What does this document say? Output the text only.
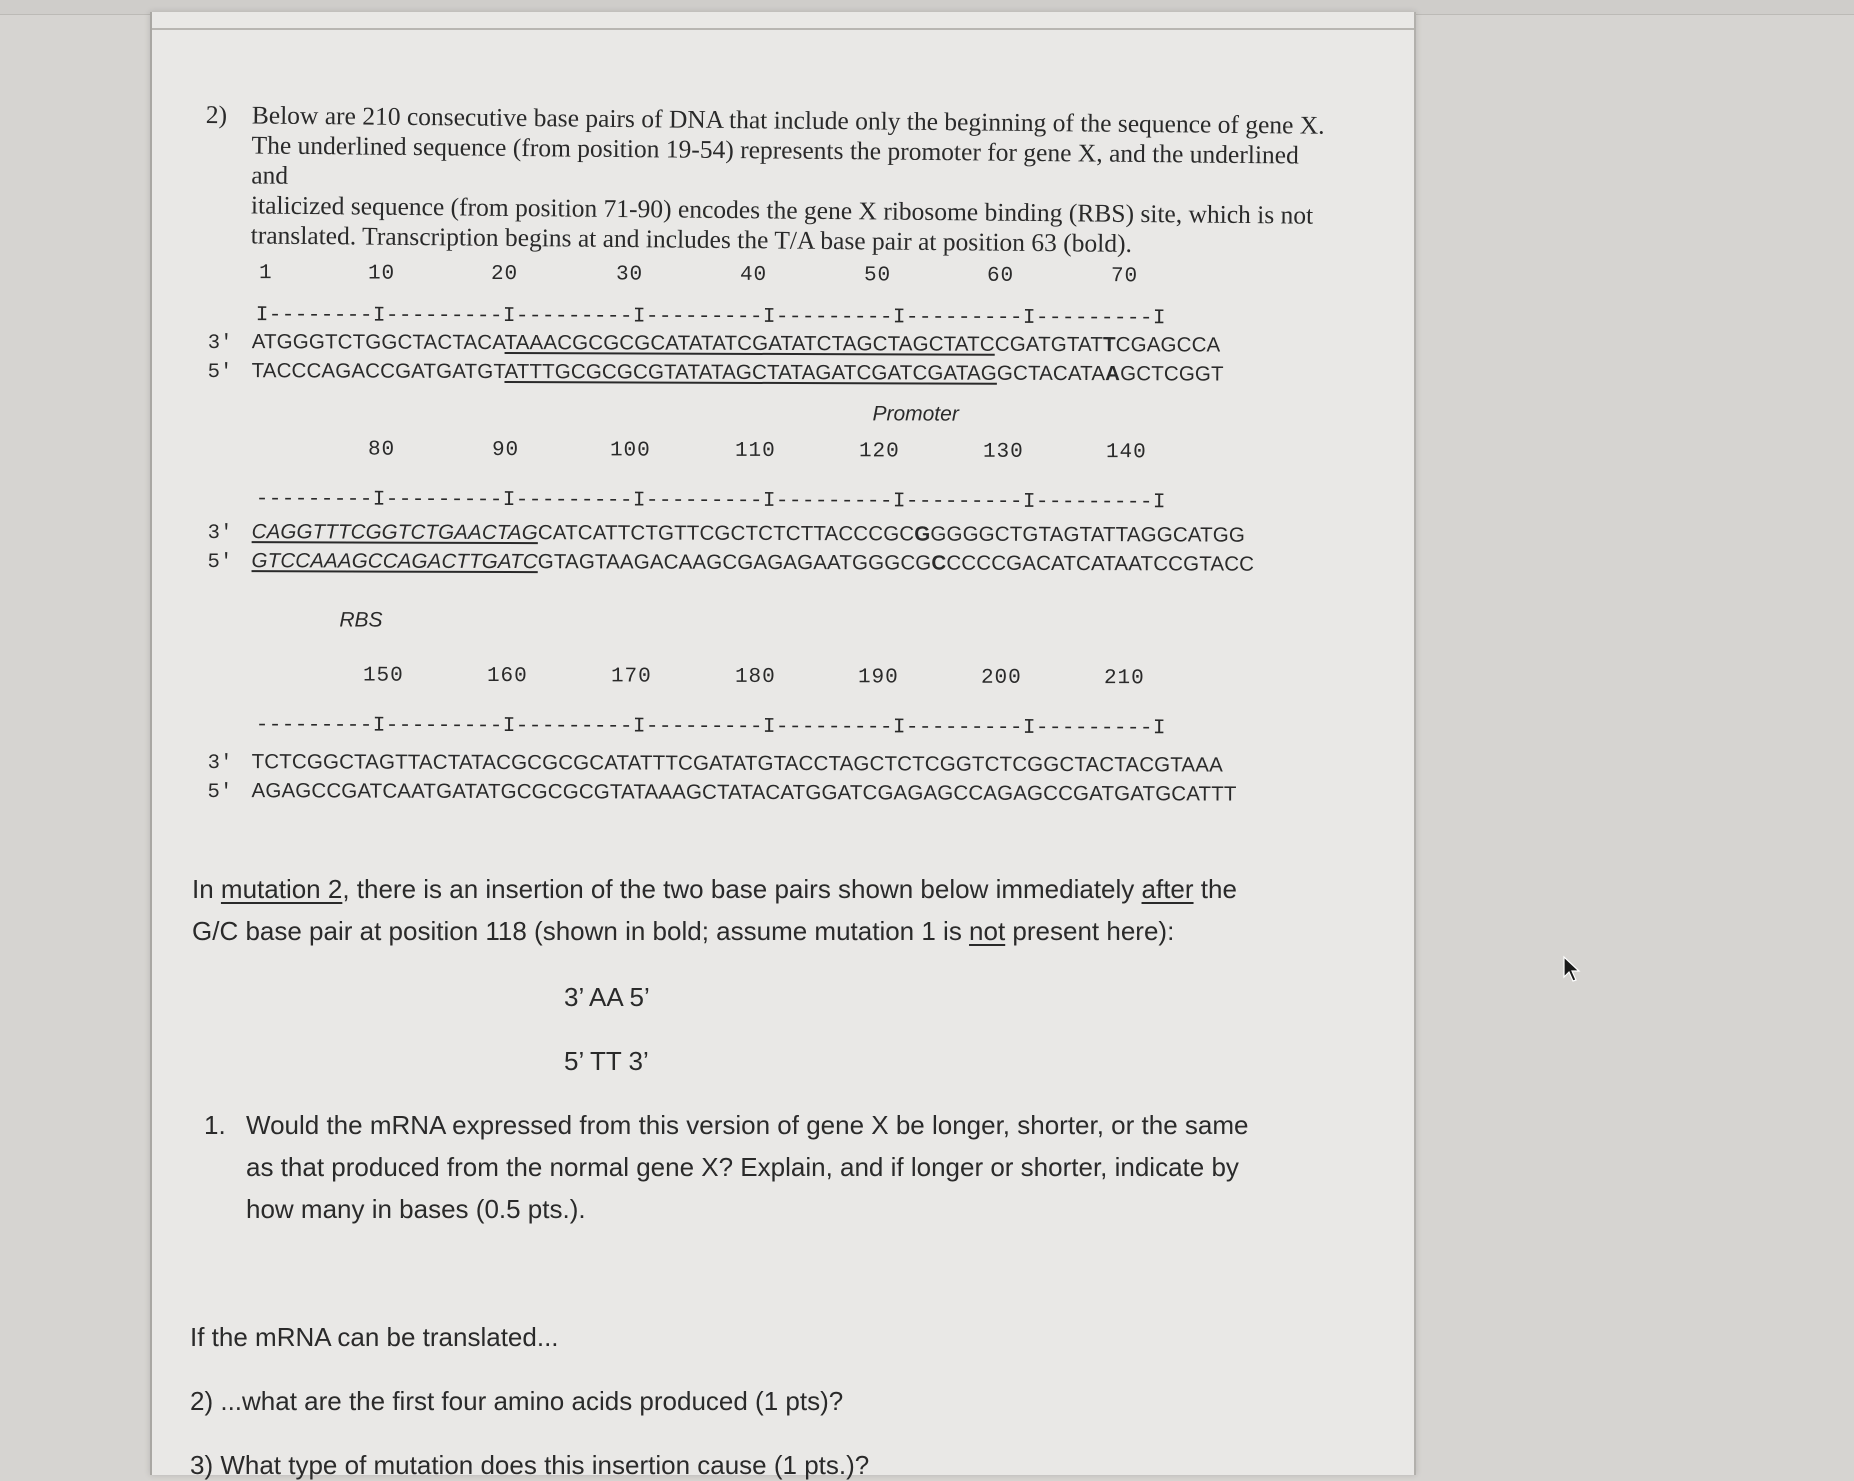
2) Below are 210 consecutive base pairs of DNA that include only the beginning of the sequence of gene X.
The underlined sequence (from position 19-54) represents the promoter for gene X, and the underlined and
italicized sequence (from position 71-90) encodes the gene X ribosome binding (RBS) site, which is not
translated. Transcription begins at and includes the T/A base pair at position 63 (bold).
1	10	20	30	40	50	60	70
I--------I---------I---------I---------I---------I---------I---------I
3' ATGGGTCTGGCTACTACATAAACGCGCGCATATATCGATATCTAGCTAGCTATCCGATGTATTCGAGCCA
5' TACCCAGACCGATGATGTATTTGCGCGCGTATATAGCTATAGATCGATCGATAGGCTACATAAGCTCGGT
Promoter
80	90	100	110	120	130	140
---------I---------I---------I---------I---------I---------I---------I
3' CAGGTTTCGGTCTGAACTAGCATCATTCTGTTCGCTCTCTTACCCGCGGGGGCTGTAGTATTAGGCATGG
5' GTCCAAAGCCAGACTTGATCGTAGTAAGACAAGCGAGAGAATGGGCGCCCCCGACATCATAATCCGTACC
RBS
150	160	170	180	190	200	210
---------I---------I---------I---------I---------I---------I---------I
3' TCTCGGCTAGTTACTATACGCGCGCATATTTCGATATGTACCTAGCTCTCGGTCTCGGCTACTACGTAAA
5' AGAGCCGATCAATGATATGCGCGCGTATAAAGCTATACATGGATCGAGAGCCAGAGCCGATGATGCATTT
In mutation 2, there is an insertion of the two base pairs shown below immediately after the
G/C base pair at position 118 (shown in bold; assume mutation 1 is not present here):
3’ AA 5’
5’ TT 3’
1. Would the mRNA expressed from this version of gene X be longer, shorter, or the same
as that produced from the normal gene X? Explain, and if longer or shorter, indicate by
how many in bases (0.5 pts.).
If the mRNA can be translated...
2) ...what are the first four amino acids produced (1 pts)?
3) What type of mutation does this insertion cause (1 pts.)?
